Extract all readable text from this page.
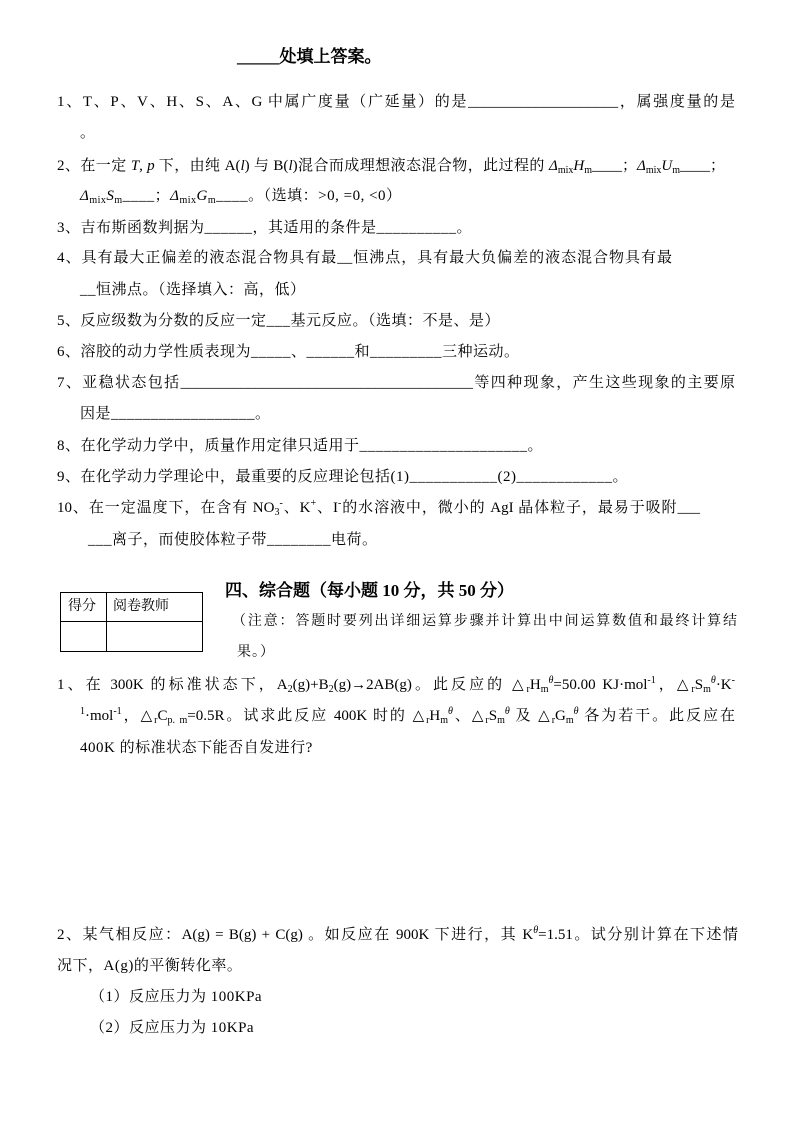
_____处填上答案。
1、T、P、V、H、S、A、G 中属广度量（广延量）的是____________________，属强度量的是
。
2、在一定 T, p 下，由纯 A(l) 与 B(l)混合而成理想液态混合物，此过程的 $\Delta_{mix}H_m\_\_\_\_$；$\Delta_{mix}U_m\_\_\_\_$；
$\Delta_{mix}S_m\_\_\_\_$；$\Delta_{mix}G_m\_\_\_\_$。（选填：>0, =0, <0）
3、吉布斯函数判据为______，其适用的条件是__________。
4、具有最大正偏差的液态混合物具有最__恒沸点，具有最大负偏差的液态混合物具有最
__恒沸点。（选择填入：高，低）
5、反应级数为分数的反应一定___基元反应。（选填：不是、是）
6、溶胶的动力学性质表现为_____、______和_________三种运动。
7、亚稳状态包括_______________________________________等四种现象，产生这些现象的主要原
因是__________________。
8、在化学动力学中，质量作用定律只适用于_____________________。
9、在化学动力学理论中，最重要的反应理论包括(1)___________(2)____________。
10、在一定温度下，在含有 $NO_3^-$、K+、I-的水溶液中，微小的 AgI 晶体粒子，最易于吸附___
___离子，而使胶体粒子带________电荷。
得分 阅卷教师
四、综合题（每小题 10 分，共 50 分）
（注意：答题时要列出详细运算步骤并计算出中间运算数值和最终计算结
果。）
1、在 300K 的标准状态下，$A_2(g)+B_2(g)\to 2AB(g)$。此反应的 $\triangle_rH_m^\theta=50.00$ KJ·mol$^{-1}$，$\triangle_rS_m^\theta\cdot K^-$
$^1$·mol$^{-1}$，$\triangle_rC_{p. m}=0.5R$。试求此反应 400K 时的 $\triangle_rH_m^\theta$、$\triangle_rS_m^\theta$ 及 $\triangle_rG_m^\theta$ 各为若干。此反应在
400K 的标准状态下能否自发进行?
2、某气相反应：A(g) = B(g) + C(g) 。如反应在 900K 下进行，其 $K^\theta=1.51$。试分别计算在下述情
况下，A(g)的平衡转化率。
（1）反应压力为 100KPa
（2）反应压力为 10KPa
